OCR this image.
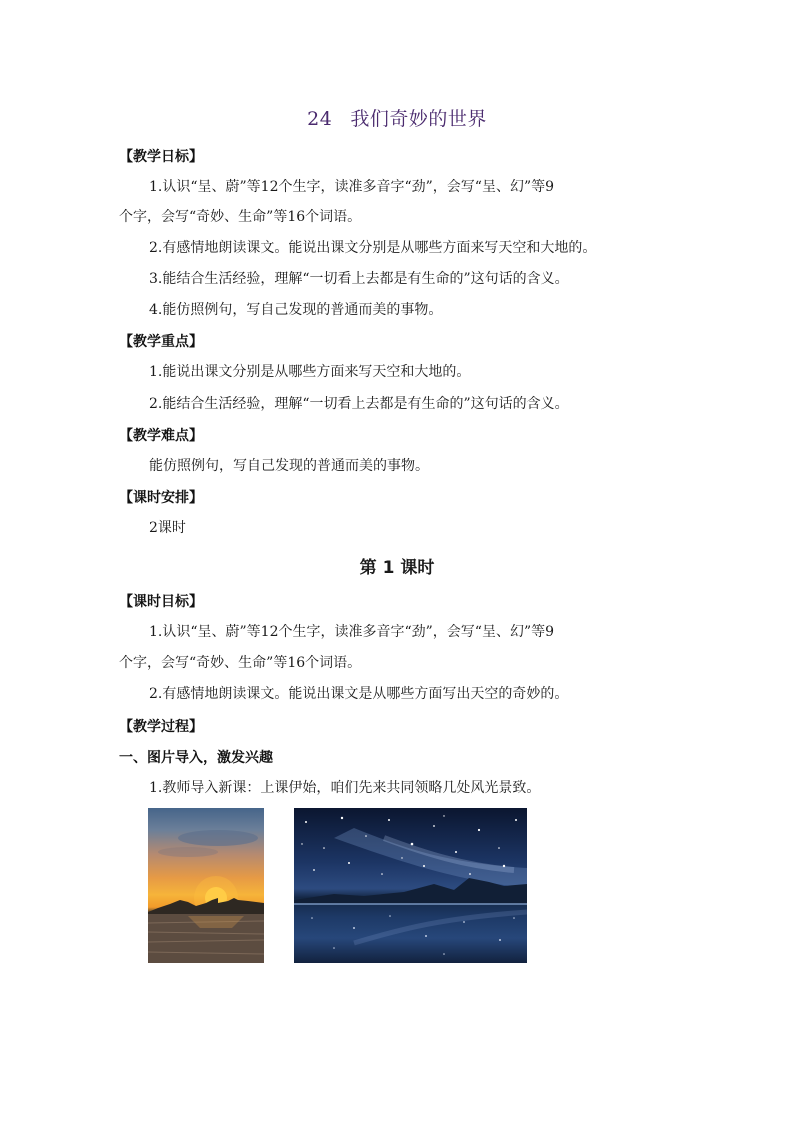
24 我们奇妙的世界
【教学日标】
1.认识“呈、蔚”等12个生字，读准多音字“劲”，会写“呈、幻”等9
个字，会写“奇妙、生命”等16个词语。
2.有感情地朗读课文。能说出课文分别是从哪些方面来写天空和大地的。
3.能结合生活经验，理解“一切看上去都是有生命的”这句话的含义。
4.能仿照例句，写自己发现的普通而美的事物。
【教学重点】
1.能说出课文分别是从哪些方面来写天空和大地的。
2.能结合生活经验，理解“一切看上去都是有生命的”这句话的含义。
【教学难点】
能仿照例句，写自己发现的普通而美的事物。
【课时安排】
2课时
第 1 课时
【课时目标】
1.认识“呈、蔚”等12个生字，读准多音字“劲”，会写“呈、幻”等9
个字，会写“奇妙、生命”等16个词语。
2.有感情地朗读课文。能说出课文是从哪些方面写出天空的奇妙的。
【教学过程】
一、图片导入，激发兴趣
1.教师导入新课：上课伊始，咱们先来共同领略几处风光景致。
